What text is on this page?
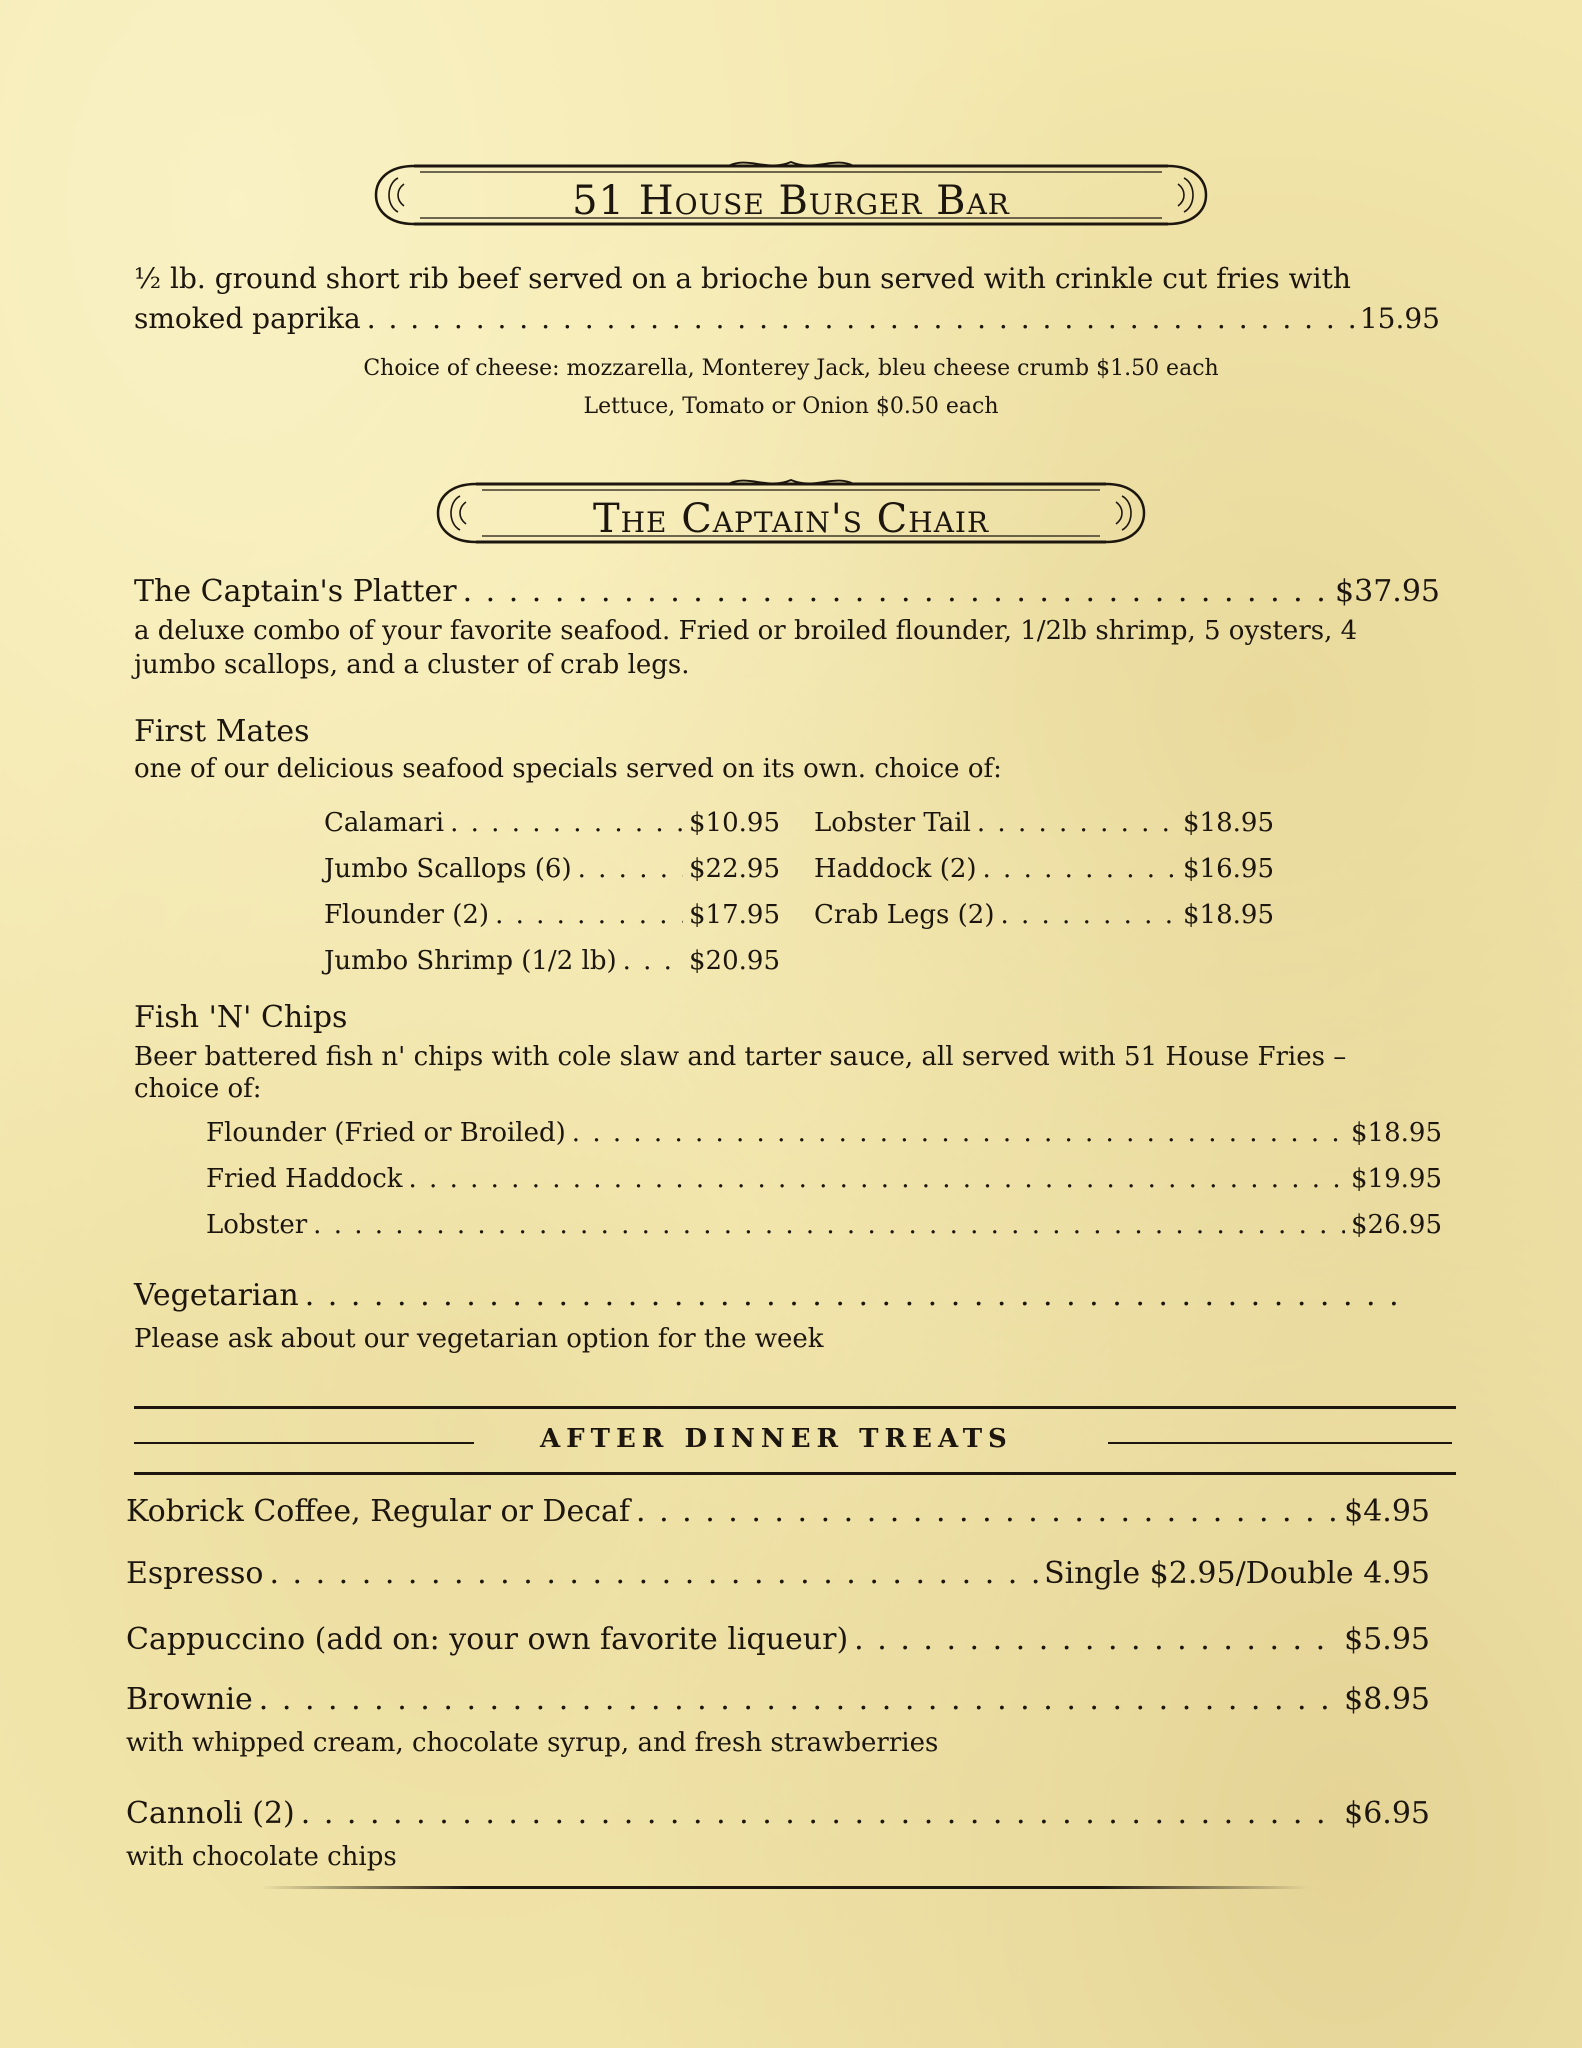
51 House Burger Bar
½ lb. ground short rib beef served on a brioche bun served with crinkle cut fries with
smoked paprika . . .	15.95
Choice of cheese: mozzarella, Monterey Jack, bleu cheese crumb $1.50 each
Lettuce, Tomato or Onion $0.50 each
The Captain's Chair
The Captain's Platter . . .	$37.95
a deluxe combo of your favorite seafood. Fried or broiled flounder, 1/2lb shrimp, 5 oysters, 4
jumbo scallops, and a cluster of crab legs.
First Mates
one of our delicious seafood specials served on its own. choice of:
Calamari . . .	$10.95
Jumbo Scallops (6) . . .	$22.95
Flounder (2) . . .	$17.95
Jumbo Shrimp (1/2 lb) . . .	$20.95
Lobster Tail . . .	$18.95
Haddock (2) . . .	$16.95
Crab Legs (2) . . .	$18.95
Fish 'N' Chips
Beer battered fish n' chips with cole slaw and tarter sauce, all served with 51 House Fries –
choice of:
Flounder (Fried or Broiled) . . .	$18.95
Fried Haddock . . .	$19.95
Lobster . . .	$26.95
Vegetarian
. . .
Please ask about our vegetarian option for the week
AFTER DINNER TREATS
Kobrick Coffee, Regular or Decaf . . .	$4.95
Espresso . . .	Single $2.95/Double 4.95
Cappuccino (add on: your own favorite liqueur) . . .	$5.95
Brownie . . .	$8.95
with whipped cream, chocolate syrup, and fresh strawberries
Cannoli (2) . . .	$6.95
with chocolate chips
